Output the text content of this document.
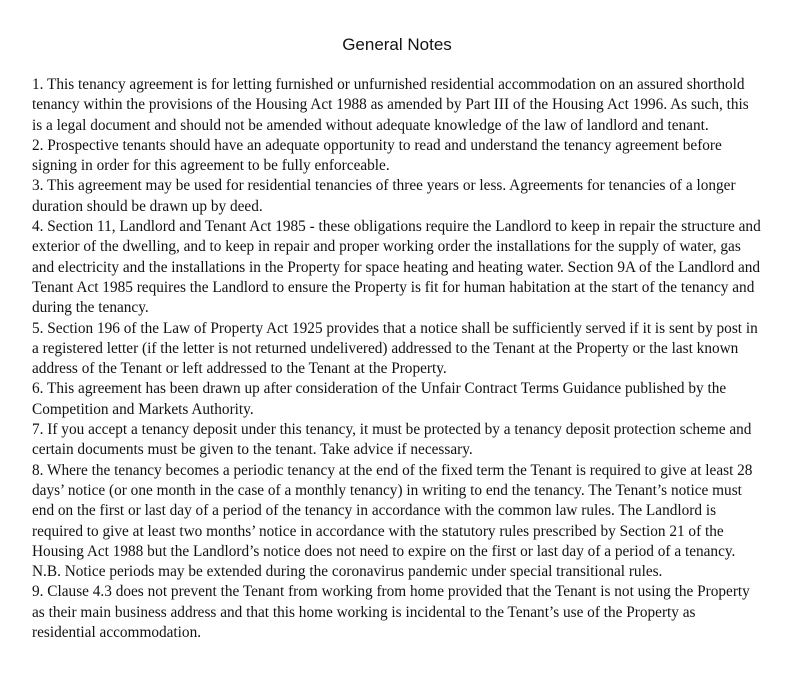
General Notes
1. This tenancy agreement is for letting furnished or unfurnished residential accommodation on an assured shorthold tenancy within the provisions of the Housing Act 1988 as amended by Part III of the Housing Act 1996. As such, this is a legal document and should not be amended without adequate knowledge of the law of landlord and tenant.
2. Prospective tenants should have an adequate opportunity to read and understand the tenancy agreement before signing in order for this agreement to be fully enforceable.
3. This agreement may be used for residential tenancies of three years or less. Agreements for tenancies of a longer duration should be drawn up by deed.
4. Section 11, Landlord and Tenant Act 1985 - these obligations require the Landlord to keep in repair the structure and exterior of the dwelling, and to keep in repair and proper working order the installations for the supply of water, gas and electricity and the installations in the Property for space heating and heating water. Section 9A of the Landlord and Tenant Act 1985 requires the Landlord to ensure the Property is fit for human habitation at the start of the tenancy and during the tenancy.
5. Section 196 of the Law of Property Act 1925 provides that a notice shall be sufficiently served if it is sent by post in a registered letter (if the letter is not returned undelivered) addressed to the Tenant at the Property or the last known address of the Tenant or left addressed to the Tenant at the Property.
6. This agreement has been drawn up after consideration of the Unfair Contract Terms Guidance published by the Competition and Markets Authority.
7. If you accept a tenancy deposit under this tenancy, it must be protected by a tenancy deposit protection scheme and certain documents must be given to the tenant. Take advice if necessary.
8. Where the tenancy becomes a periodic tenancy at the end of the fixed term the Tenant is required to give at least 28 days’ notice (or one month in the case of a monthly tenancy) in writing to end the tenancy. The Tenant’s notice must end on the first or last day of a period of the tenancy in accordance with the common law rules. The Landlord is required to give at least two months’ notice in accordance with the statutory rules prescribed by Section 21 of the Housing Act 1988 but the Landlord’s notice does not need to expire on the first or last day of a period of a tenancy. N.B. Notice periods may be extended during the coronavirus pandemic under special transitional rules.
9. Clause 4.3 does not prevent the Tenant from working from home provided that the Tenant is not using the Property as their main business address and that this home working is incidental to the Tenant’s use of the Property as residential accommodation.
